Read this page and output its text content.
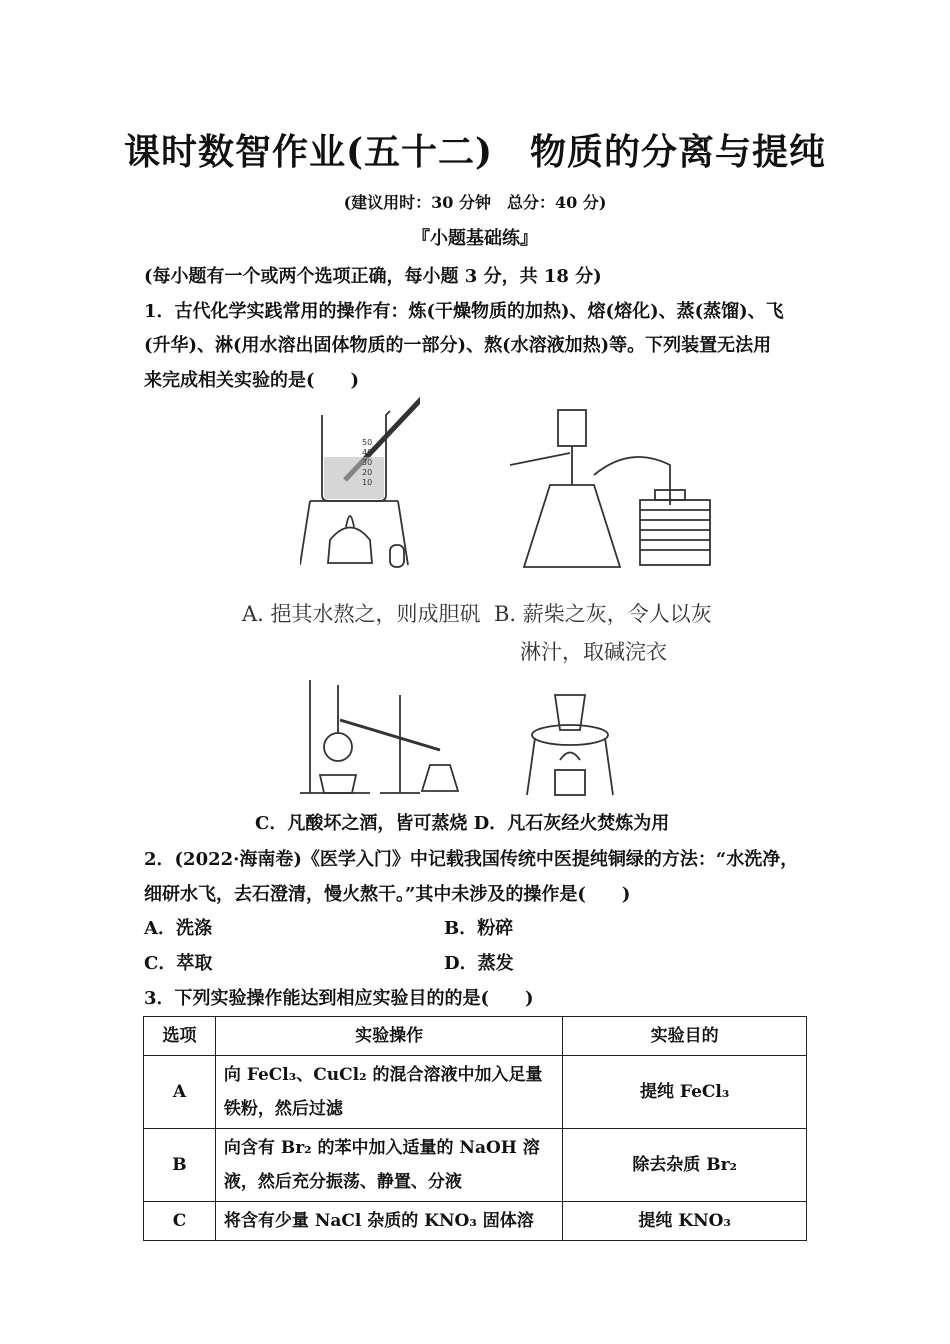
课时数智作业(五十二)　物质的分离与提纯
(建议用时：30 分钟　总分：40 分)
『小题基础练』
(每小题有一个或两个选项正确，每小题 3 分，共 18 分)
1．古代化学实践常用的操作有：炼(干燥物质的加热)、熔(熔化)、蒸(蒸馏)、飞
(升华)、淋(用水溶出固体物质的一部分)、熬(水溶液加热)等。下列装置无法用
来完成相关实验的是(　　)
50
40
30
20
10
A. 挹其水熬之，则成胆矾 B. 薪柴之灰，令人以灰
淋汁，取碱浣衣
C．凡酸坏之酒，皆可蒸烧 D．凡石灰经火焚炼为用
2．(2022·海南卷)《医学入门》中记载我国传统中医提纯铜绿的方法：“水洗净，
细研水飞，去石澄清，慢火熬干。”其中未涉及的操作是(　　)
A．洗涤	B．粉碎
C．萃取	D．蒸发
3．下列实验操作能达到相应实验目的的是(　　)
选项	实验操作	实验目的
A	向 FeCl₃、CuCl₂ 的混合溶液中加入足量
铁粉，然后过滤	提纯 FeCl₃
B	向含有 Br₂ 的苯中加入适量的 NaOH 溶
液，然后充分振荡、静置、分液	除去杂质 Br₂
C	将含有少量 NaCl 杂质的 KNO₃ 固体溶	提纯 KNO₃
